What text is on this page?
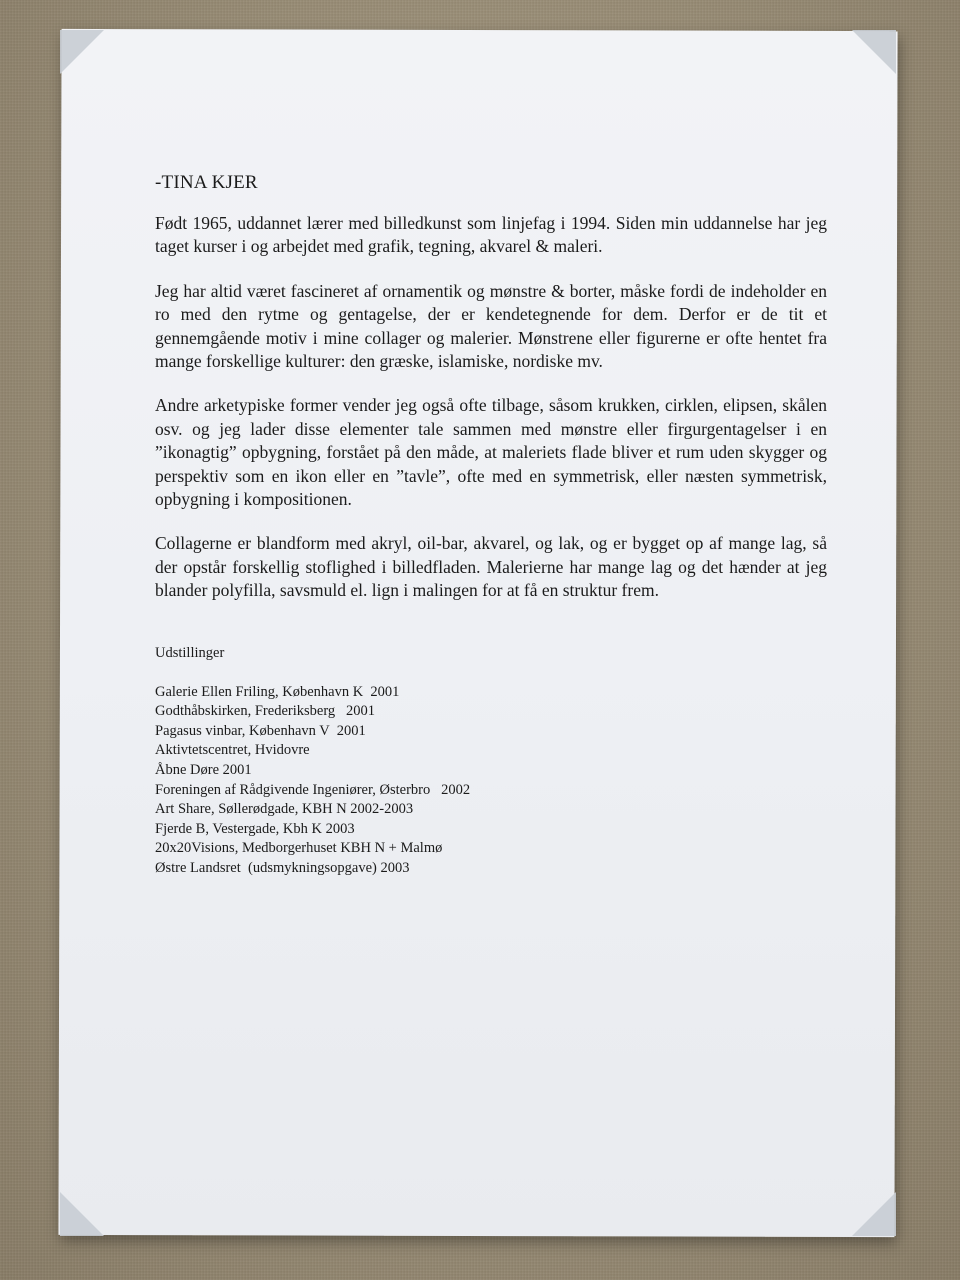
-TINA KJER

Født 1965, uddannet lærer med billedkunst som linjefag i 1994. Siden min uddannelse har jeg taget kurser i og arbejdet med grafik, tegning, akvarel & maleri.

Jeg har altid været fascineret af ornamentik og mønstre & borter, måske fordi de indeholder en ro med den rytme og gentagelse, der er kendetegnende for dem. Derfor er de tit et gennemgående motiv i mine collager og malerier. Mønstrene eller figurerne er ofte hentet fra mange forskellige kulturer: den græske, islamiske, nordiske mv.

Andre arketypiske former vender jeg også ofte tilbage, såsom krukken, cirklen, elipsen, skålen osv. og jeg lader disse elementer tale sammen med mønstre eller firgurgentagelser i en ”ikonagtig” opbygning, forstået på den måde, at maleriets flade bliver et rum uden skygger og perspektiv som en ikon eller en ”tavle”, ofte med en symmetrisk, eller næsten symmetrisk, opbygning i kompositionen.

Collagerne er blandform med akryl, oil-bar, akvarel, og lak, og er bygget op af mange lag, så der opstår forskellig stoflighed i billedfladen. Malerierne har mange lag og det hænder at jeg blander polyfilla, savsmuld el. lign i malingen for at få en struktur frem.

Udstillinger
Galerie Ellen Friling, København K  2001
Godthåbskirken, Frederiksberg   2001
Pagasus vinbar, København V  2001
Aktivtetscentret, Hvidovre
Åbne Døre 2001
Foreningen af Rådgivende Ingeniører, Østerbro   2002
Art Share, Søllerødgade, KBH N 2002-2003
Fjerde B, Vestergade, Kbh K 2003
20x20Visions, Medborgerhuset KBH N + Malmø
Østre Landsret  (udsmykningsopgave) 2003
